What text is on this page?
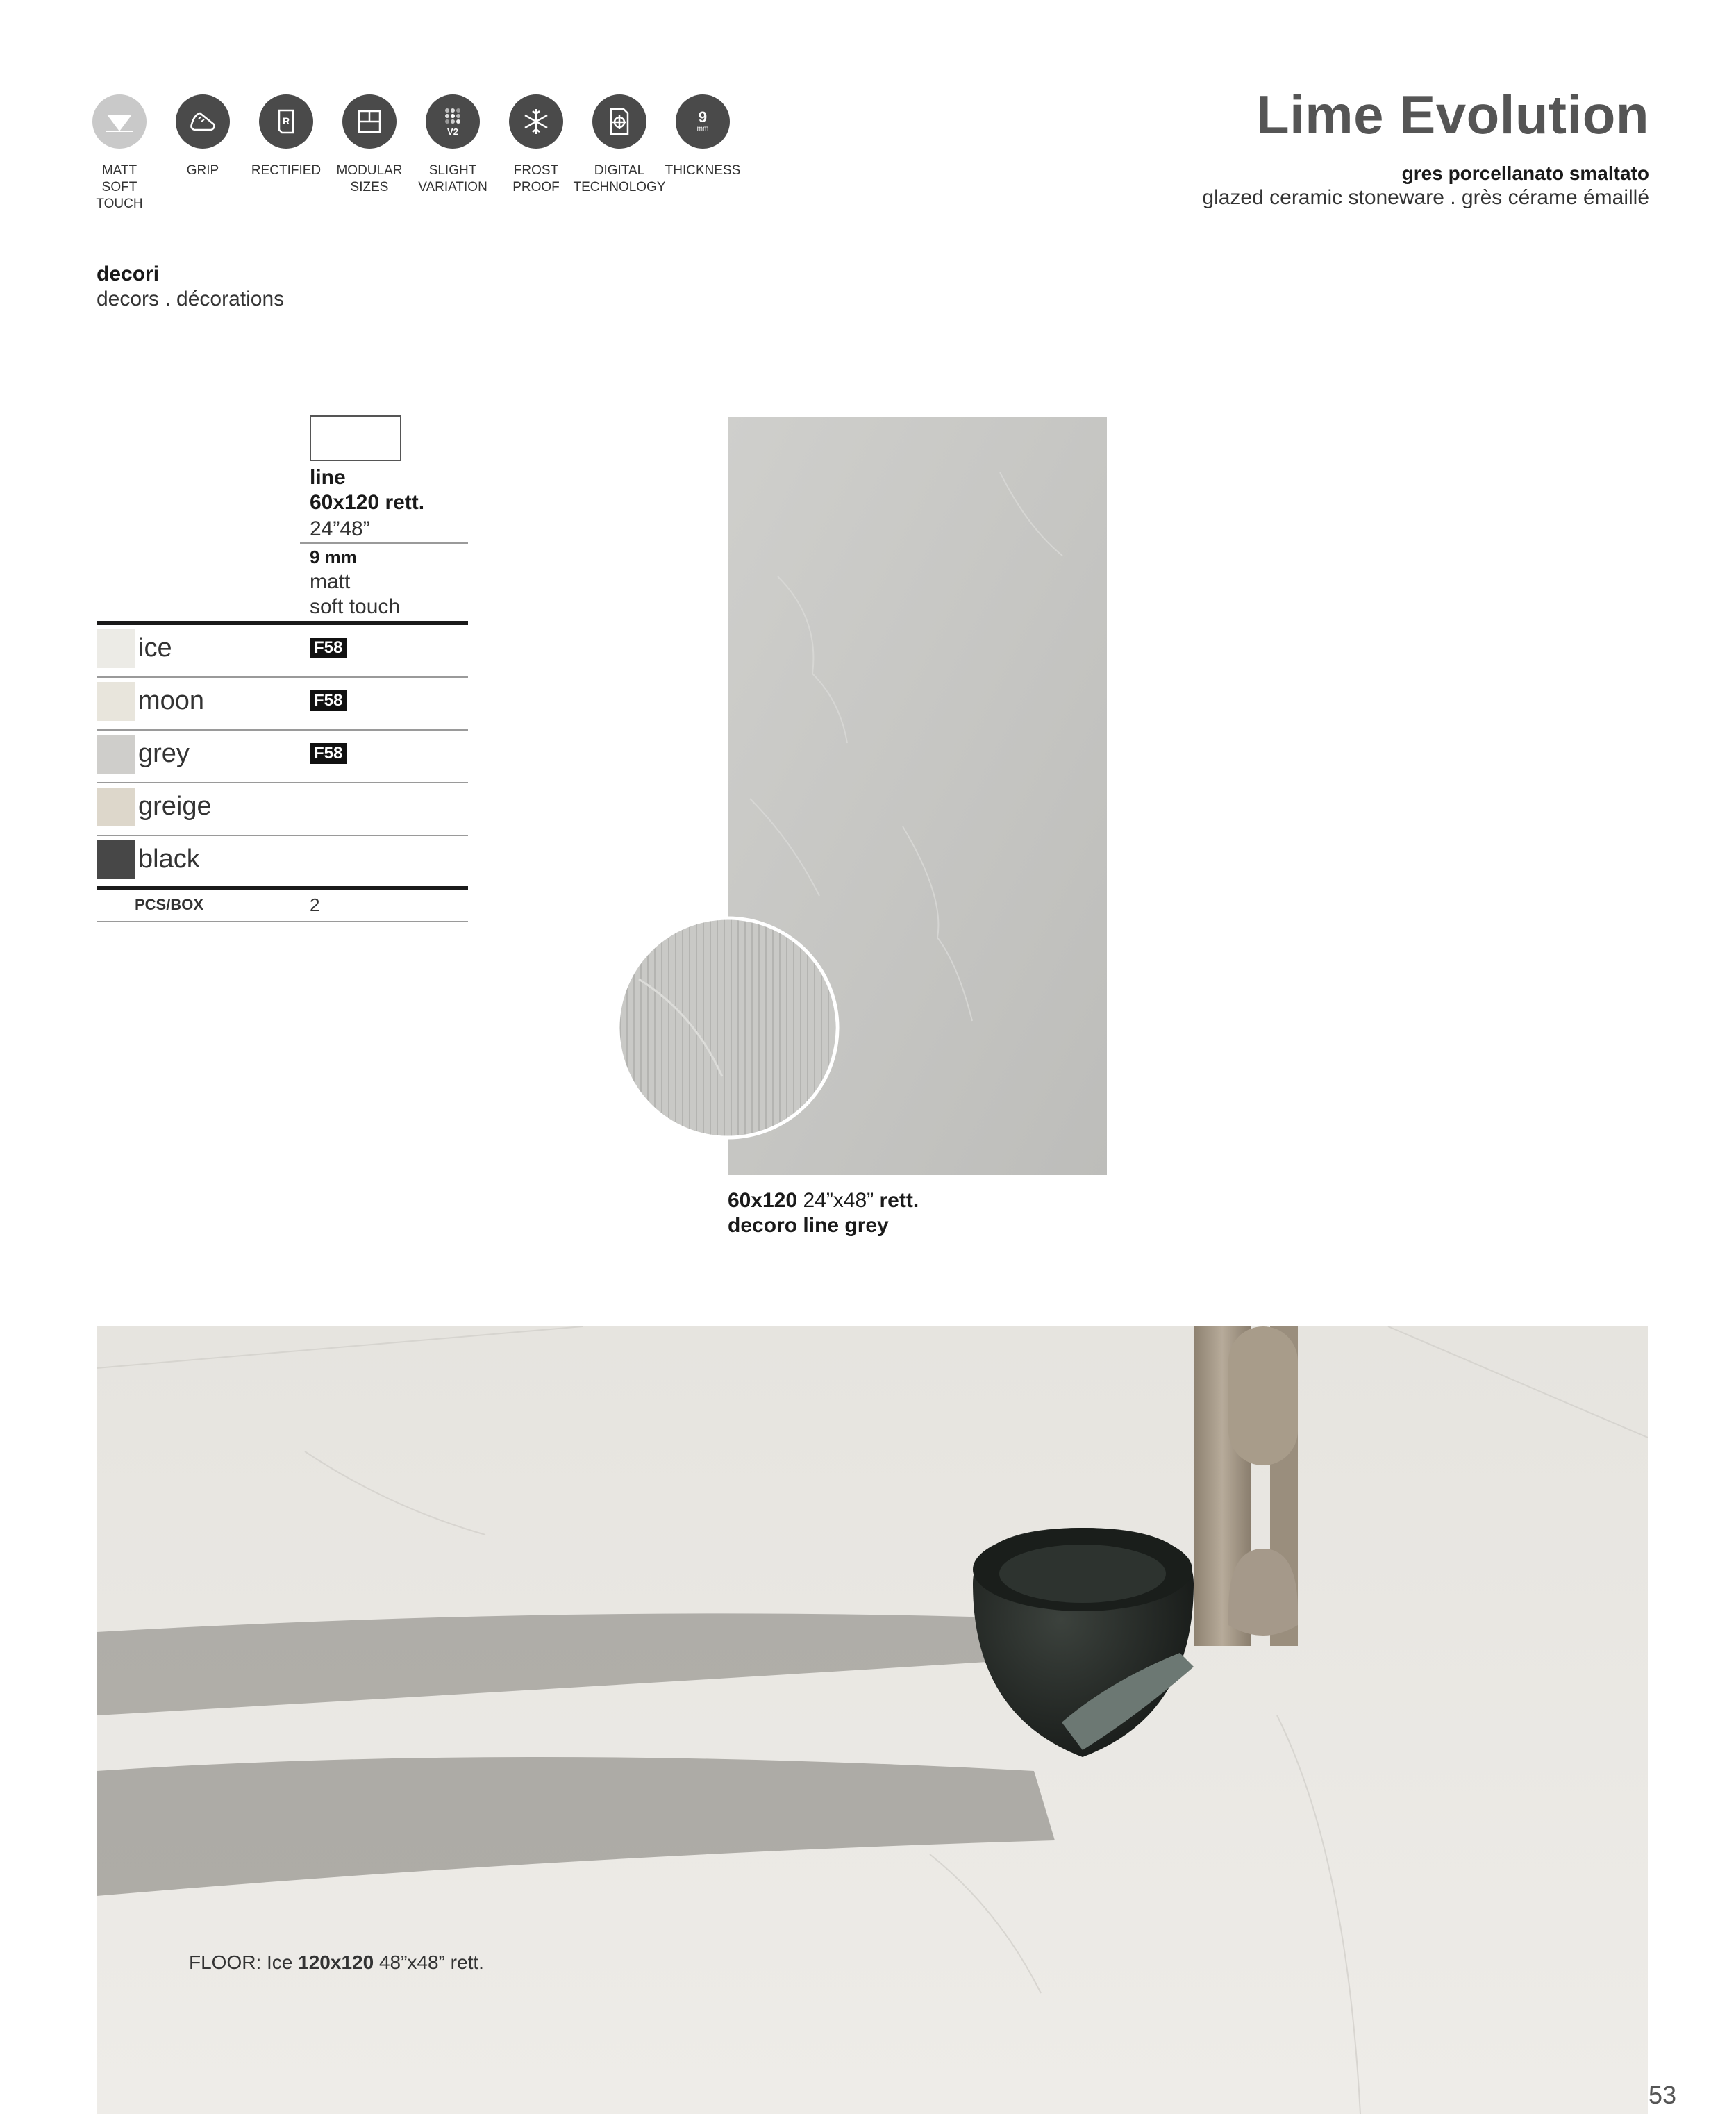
MATT
SOFT TOUCH
GRIP
R
RECTIFIED MODULAR
SIZES
V2
SLIGHT
VARIATION
FROST
PROOF
DIGITAL
TECHNOLOGY
9
mm
THICKNESS
Lime Evolution
gres porcellanato smaltato
glazed ceramic stoneware . grès cérame émaillé
decori
decors . décorations
line
60x120 rett.
24”48”
9 mm
matt
soft touch
ice	F58
moon	F58
grey	F58
greige
black
PCS/BOX	2
60x120 24”x48” rett.
decoro line grey
FLOOR: Ice 120x120 48”x48” rett.
53
